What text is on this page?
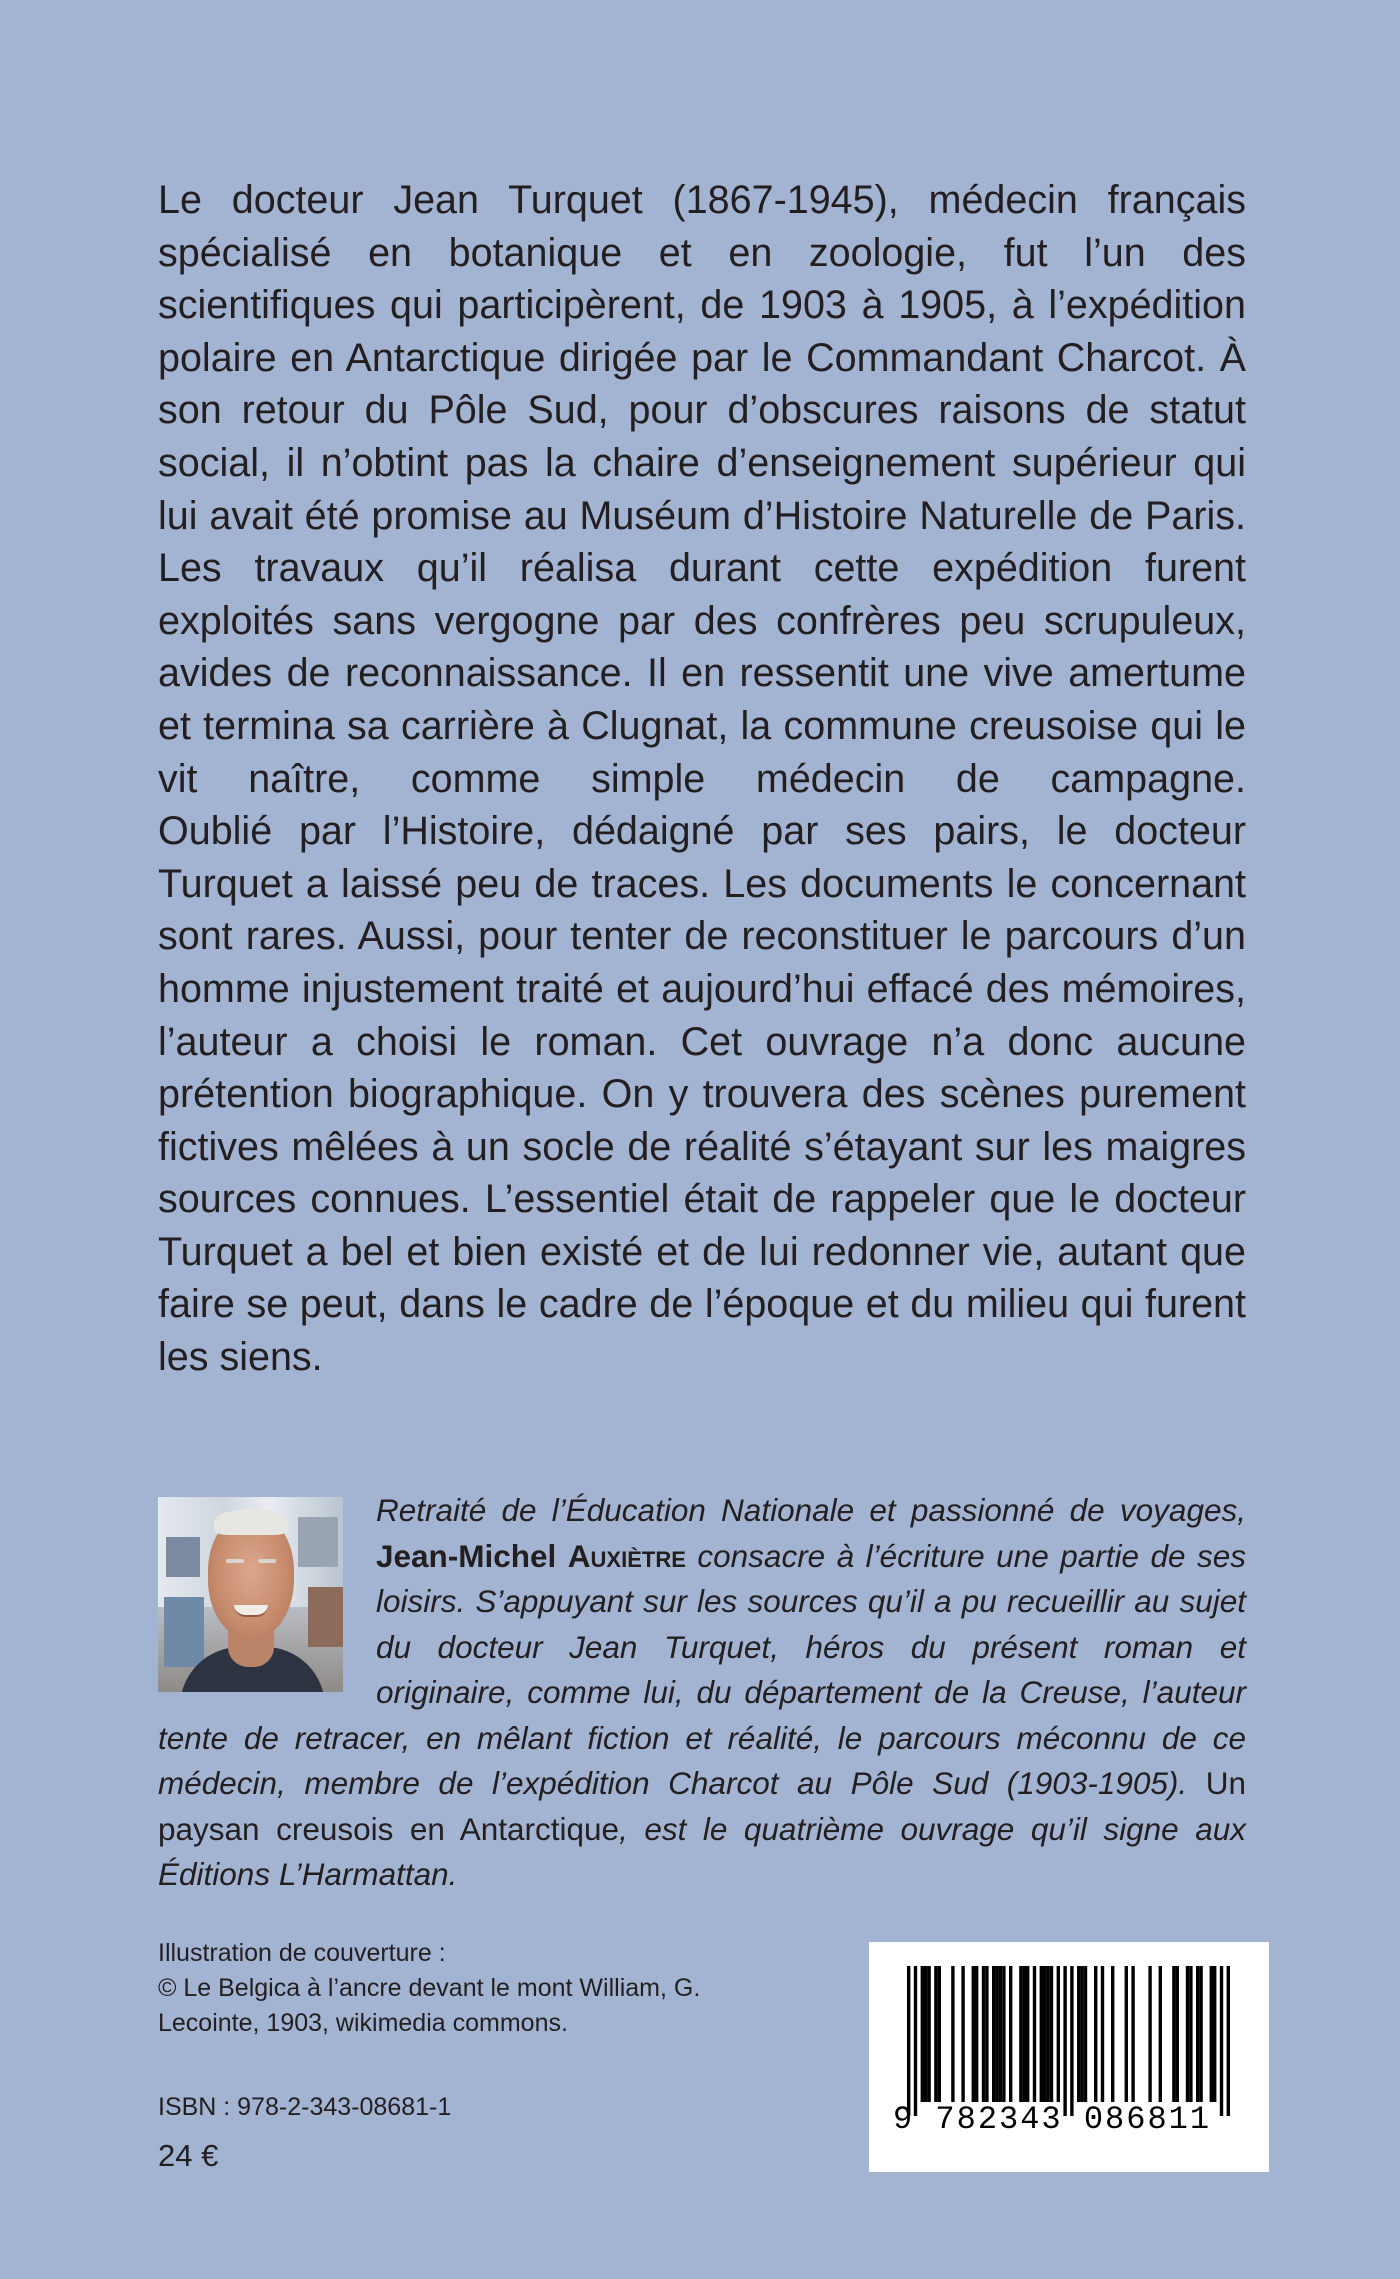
Le docteur Jean Turquet (1867-1945), médecin français spécialisé en botanique et en zoologie, fut l’un des scientifiques qui participèrent, de 1903 à 1905, à l’expédition polaire en Antarctique dirigée par le Commandant Charcot. À son retour du Pôle Sud, pour d’obscures raisons de statut social, il n’obtint pas la chaire d’enseignement supérieur qui lui avait été promise au Muséum d’Histoire Naturelle de Paris. Les travaux qu’il réalisa durant cette expédition furent exploités sans vergogne par des confrères peu scrupuleux, avides de reconnaissance. Il en ressentit une vive amertume et termina sa carrière à Clugnat, la commune creusoise qui le vit naître, comme simple médecin de campagne.

Oublié par l’Histoire, dédaigné par ses pairs, le docteur Turquet a laissé peu de traces. Les documents le concernant sont rares. Aussi, pour tenter de reconstituer le parcours d’un homme injustement traité et aujourd’hui effacé des mémoires, l’auteur a choisi le roman. Cet ouvrage n’a donc aucune prétention biographique. On y trouvera des scènes purement fictives mêlées à un socle de réalité s’étayant sur les maigres sources connues. L’essentiel était de rappeler que le docteur Turquet a bel et bien existé et de lui redonner vie, autant que faire se peut, dans le cadre de l’époque et du milieu qui furent les siens.

Retraité de l’Éducation Nationale et passionné de voyages, Jean-Michel Auxiètre consacre à l’écriture une partie de ses loisirs. S’appuyant sur les sources qu’il a pu recueillir au sujet du docteur Jean Turquet, héros du présent roman et originaire, comme lui, du département de la Creuse, l’auteur tente de retracer, en mêlant fiction et réalité, le parcours méconnu de ce médecin, membre de l’expédition Charcot au Pôle Sud (1903-1905). Un paysan creusois en Antarctique, est le quatrième ouvrage qu’il signe aux Éditions L’Harmattan.

Illustration de couverture :
© Le Belgica à l’ancre devant le mont William, G.
Lecointe, 1903, wikimedia commons.
ISBN : 978-2-343-08681-1
24 €
9 782343 086811
